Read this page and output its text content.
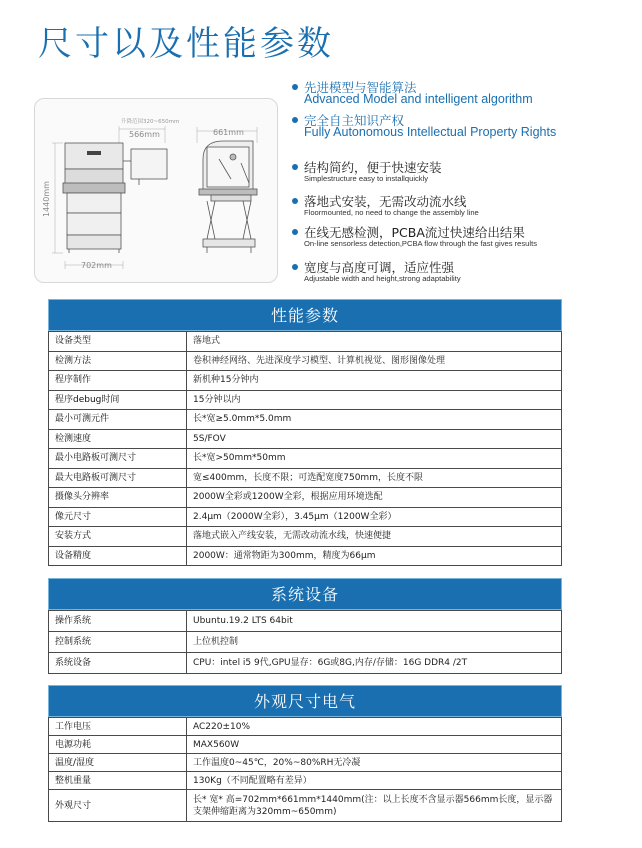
尺寸以及性能参数
升降范围320~650mm
566mm	661mm
1440mm
702mm
先进模型与智能算法
Advanced Model and intelligent algorithm
完全自主知识产权
Fully Autonomous Intellectual Property Rights
结构简约，便于快速安装
Simplestructure easy to installquickly
落地式安装，无需改动流水线
Floormounted, no need to change the assembly line
在线无感检测，PCBA流过快速给出结果
On-line sensorless detection,PCBA flow through the fast gives results
宽度与高度可调，适应性强
Adjustable width and height,strong adaptability
性能参数
设备类型	落地式
检测方法	卷积神经网络、先进深度学习模型、计算机视觉、图形图像处理
程序制作	新机种15分钟内
程序debug时间	15分钟以内
最小可测元件	长*宽≥5.0mm*5.0mm
检测速度	5S/FOV
最小电路板可测尺寸	长*宽>50mm*50mm
最大电路板可测尺寸	宽≤400mm，长度不限；可选配宽度750mm，长度不限
摄像头分辨率	2000W全彩或1200W全彩，根据应用环境选配
像元尺寸	2.4μm（2000W全彩），3.45μm（1200W全彩）
安装方式	落地式嵌入产线安装，无需改动流水线，快速便捷
设备精度	2000W：通常物距为300mm，精度为66μm
系统设备
操作系统	Ubuntu.19.2 LTS 64bit
控制系统	上位机控制
系统设备	CPU：intel i5 9代,GPU显存：6G或8G,内存/存储：16G DDR4 /2T
外观尺寸电气
工作电压	AC220±10%
电源功耗	MAX560W
温度/湿度	工作温度0~45℃，20%~80%RH无冷凝
整机重量	130Kg（不同配置略有差异）
外观尺寸	长* 宽* 高=702mm*661mm*1440mm(注：以上长度不含显示器566mm长度，显示器支架伸缩距离为320mm~650mm)
